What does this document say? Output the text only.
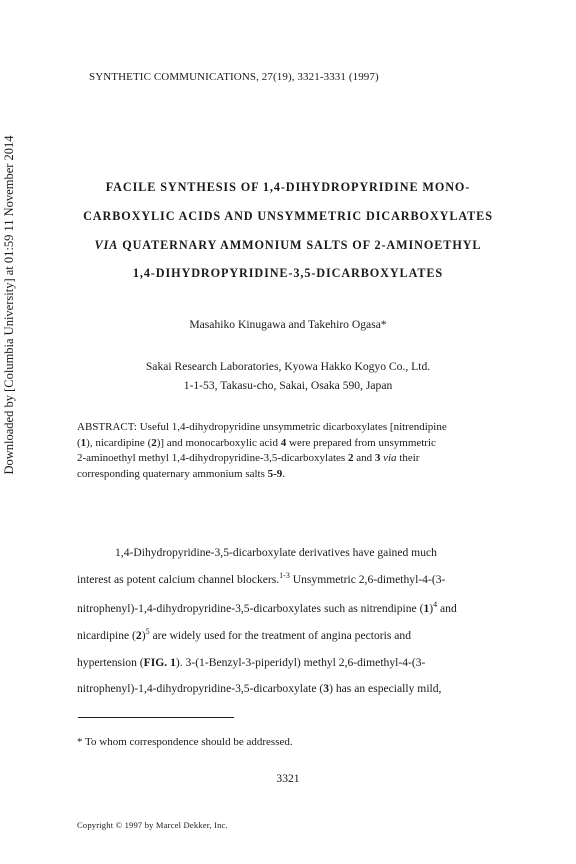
Downloaded by [Columbia University] at 01:59 11 November 2014
SYNTHETIC COMMUNICATIONS, 27(19), 3321-3331 (1997)
FACILE SYNTHESIS OF 1,4-DIHYDROPYRIDINE MONO-
CARBOXYLIC ACIDS AND UNSYMMETRIC DICARBOXYLATES
VIA QUATERNARY AMMONIUM SALTS OF 2-AMINOETHYL
1,4-DIHYDROPYRIDINE-3,5-DICARBOXYLATES
Masahiko Kinugawa and Takehiro Ogasa*
Sakai Research Laboratories, Kyowa Hakko Kogyo Co., Ltd.
1-1-53, Takasu-cho, Sakai, Osaka 590, Japan
ABSTRACT: Useful 1,4-dihydropyridine unsymmetric dicarboxylates [nitrendipine
(1), nicardipine (2)] and monocarboxylic acid 4 were prepared from unsymmetric
2-aminoethyl methyl 1,4-dihydropyridine-3,5-dicarboxylates 2 and 3 via their
corresponding quaternary ammonium salts 5-9.
1,4-Dihydropyridine-3,5-dicarboxylate derivatives have gained much
interest as potent calcium channel blockers.$^{1-3}$ Unsymmetric 2,6-dimethyl-4-(3-
nitrophenyl)-1,4-dihydropyridine-3,5-dicarboxylates such as nitrendipine $(1)^4$ and
nicardipine $(2)^5$ are widely used for the treatment of angina pectoris and
hypertension (FIG. 1). 3-(1-Benzyl-3-piperidyl) methyl 2,6-dimethyl-4-(3-
nitrophenyl)-1,4-dihydropyridine-3,5-dicarboxylate (3) has an especially mild,
* To whom correspondence should be addressed.
3321
Copyright © 1997 by Marcel Dekker, Inc.
